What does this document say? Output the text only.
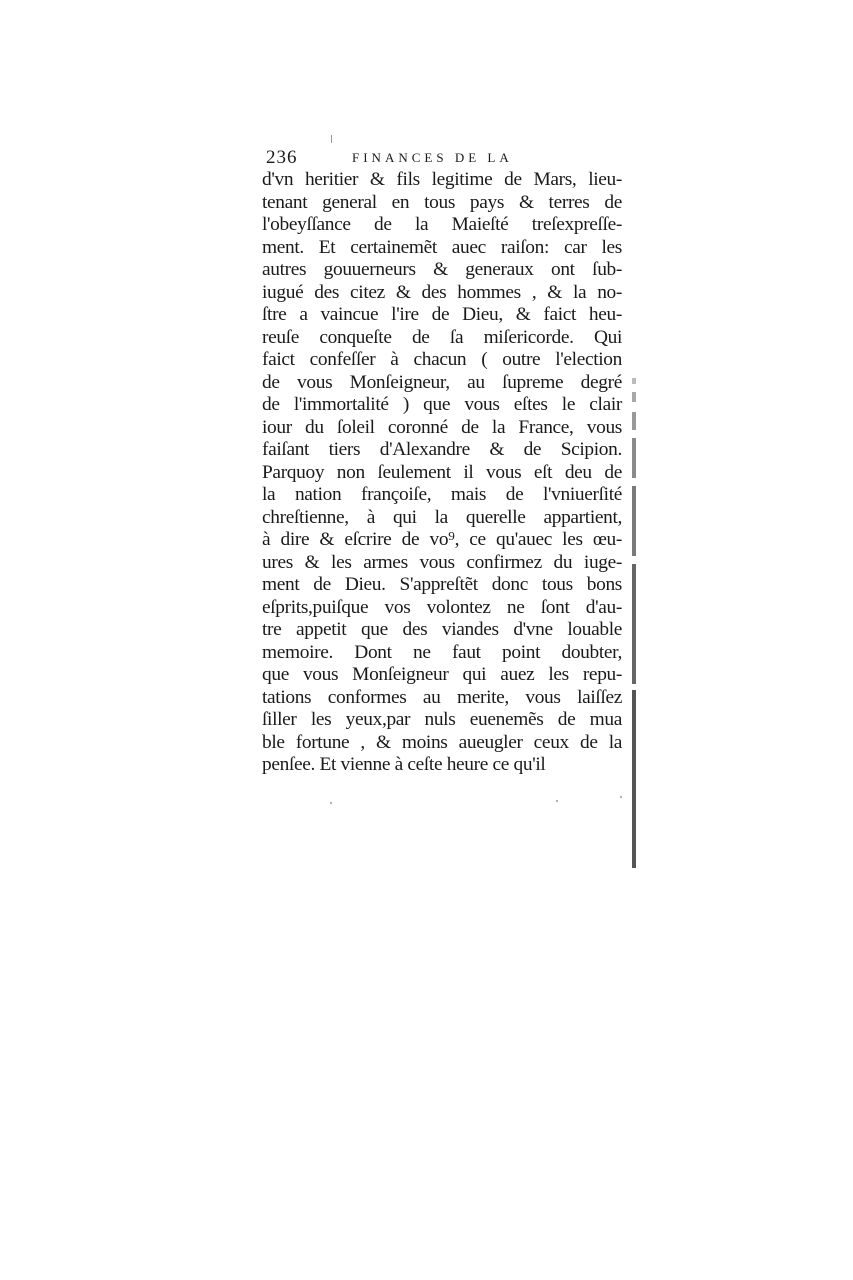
236	FINANCES DE LA
d'vn heritier & fils legitime de Mars, lieu-
tenant general en tous pays & terres de
l'obeyſſance de la Maieſté treſexpreſſe-
ment. Et certainemẽt auec raiſon: car les
autres gouuerneurs & generaux ont ſub-
iugué des citez & des hommes , & la no-
ſtre a vaincue l'ire de Dieu, & faict heu-
reuſe conqueſte de ſa miſericorde. Qui
faict confeſſer à chacun ( outre l'election
de vous Monſeigneur, au ſupreme degré
de l'immortalité ) que vous eſtes le clair
iour du ſoleil coronné de la France, vous
faiſant tiers d'Alexandre & de Scipion.
Parquoy non ſeulement il vous eſt deu de
la nation françoiſe, mais de l'vniuerſité
chreſtienne, à qui la querelle appartient,
à dire & eſcrire de vo⁹, ce qu'auec les œu-
ures & les armes vous confirmez du iuge-
ment de Dieu. S'appreſtẽt donc tous bons
eſprits,puiſque vos volontez ne ſont d'au-
tre appetit que des viandes d'vne louable
memoire. Dont ne faut point doubter,
que vous Monſeigneur qui auez les repu-
tations conformes au merite, vous laiſſez
ſiller les yeux,par nuls euenemẽs de mua
ble fortune , & moins aueugler ceux de la
penſee. Et vienne à ceſte heure ce qu'il
